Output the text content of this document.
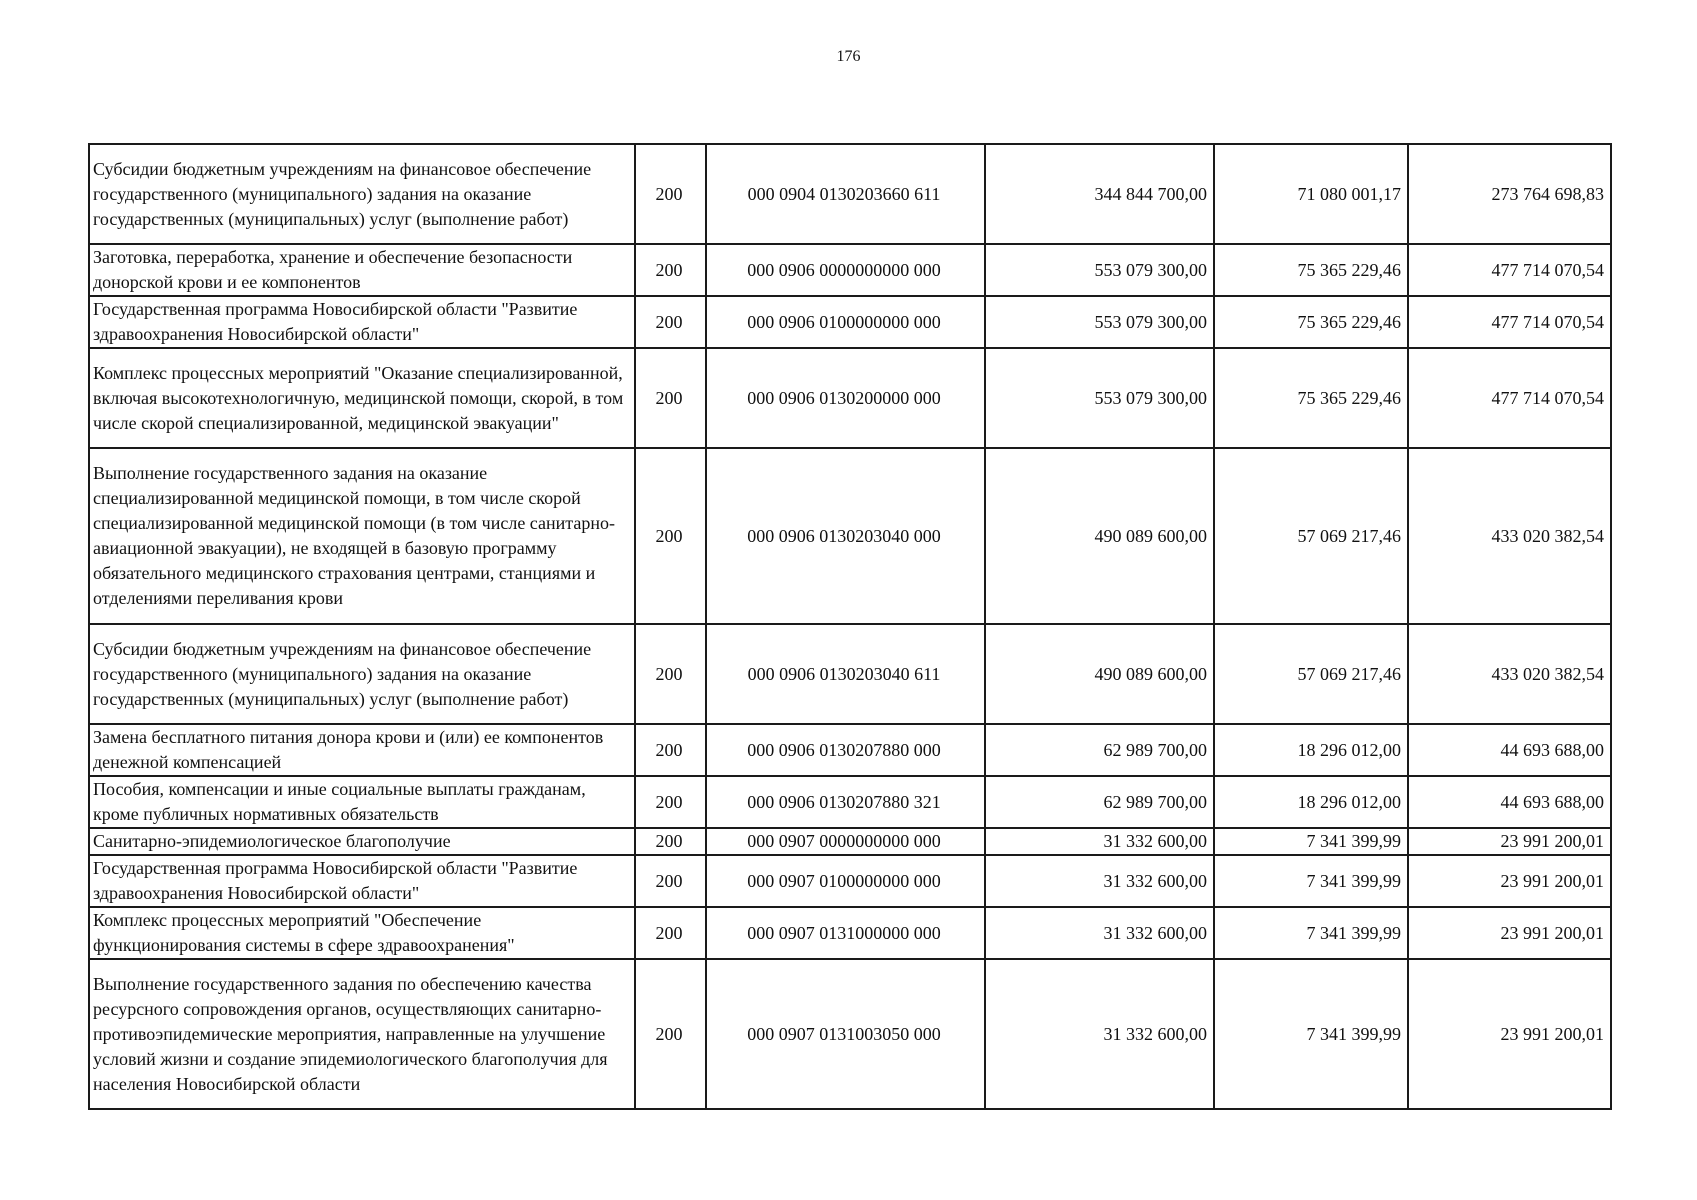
176
Субсидии бюджетным учреждениям на финансовое обеспечение государственного (муниципального) задания на оказание государственных (муниципальных) услуг (выполнение работ)	200	000 0904 0130203660 611	344 844 700,00	71 080 001,17	273 764 698,83
Заготовка, переработка, хранение и обеспечение безопасности донорской крови и ее компонентов	200	000 0906 0000000000 000	553 079 300,00	75 365 229,46	477 714 070,54
Государственная программа Новосибирской области "Развитие здравоохранения Новосибирской области"	200	000 0906 0100000000 000	553 079 300,00	75 365 229,46	477 714 070,54
Комплекс процессных мероприятий "Оказание специализированной, включая высокотехнологичную, медицинской помощи, скорой, в том числе скорой специализированной, медицинской эвакуации"	200	000 0906 0130200000 000	553 079 300,00	75 365 229,46	477 714 070,54
Выполнение государственного задания на оказание специализированной медицинской помощи, в том числе скорой специализированной медицинской помощи (в том числе санитарно-авиационной эвакуации), не входящей в базовую программу обязательного медицинского страхования центрами, станциями и отделениями переливания крови	200	000 0906 0130203040 000	490 089 600,00	57 069 217,46	433 020 382,54
Субсидии бюджетным учреждениям на финансовое обеспечение государственного (муниципального) задания на оказание государственных (муниципальных) услуг (выполнение работ)	200	000 0906 0130203040 611	490 089 600,00	57 069 217,46	433 020 382,54
Замена бесплатного питания донора крови и (или) ее компонентов денежной компенсацией	200	000 0906 0130207880 000	62 989 700,00	18 296 012,00	44 693 688,00
Пособия, компенсации и иные социальные выплаты гражданам, кроме публичных нормативных обязательств	200	000 0906 0130207880 321	62 989 700,00	18 296 012,00	44 693 688,00
Санитарно-эпидемиологическое благополучие	200	000 0907 0000000000 000	31 332 600,00	7 341 399,99	23 991 200,01
Государственная программа Новосибирской области "Развитие здравоохранения Новосибирской области"	200	000 0907 0100000000 000	31 332 600,00	7 341 399,99	23 991 200,01
Комплекс процессных мероприятий "Обеспечение функционирования системы в сфере здравоохранения"	200	000 0907 0131000000 000	31 332 600,00	7 341 399,99	23 991 200,01
Выполнение государственного задания по обеспечению качества ресурсного сопровождения органов, осуществляющих санитарно-противоэпидемические мероприятия, направленные на улучшение условий жизни и создание эпидемиологического благополучия для населения Новосибирской области	200	000 0907 0131003050 000	31 332 600,00	7 341 399,99	23 991 200,01
